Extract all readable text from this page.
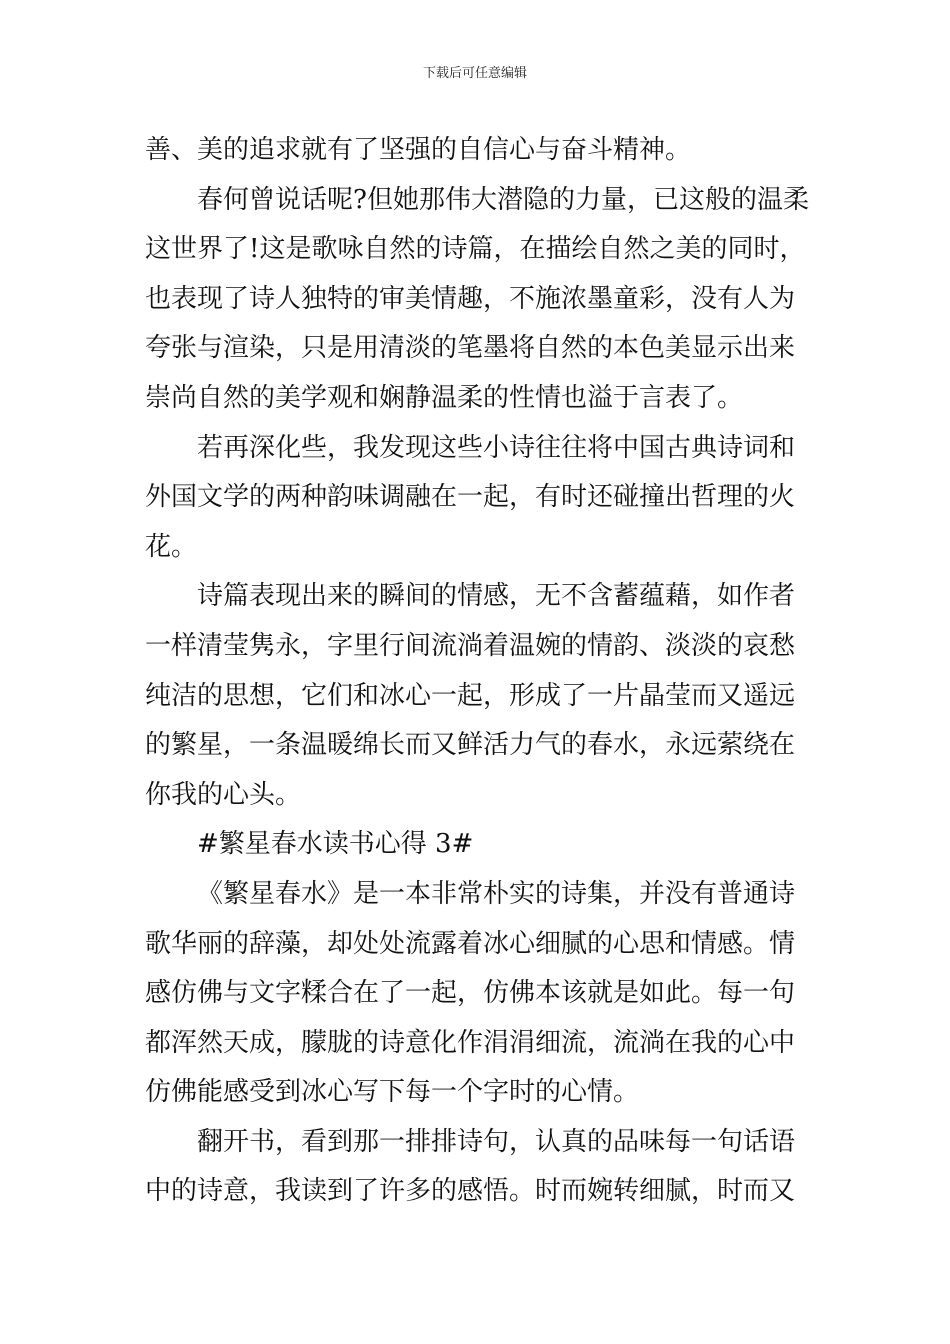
下载后可任意编辑
善、美的追求就有了坚强的自信心与奋斗精神。
春何曾说话呢?但她那伟大潜隐的力量，已这般的温柔
这世界了!这是歌咏自然的诗篇，在描绘自然之美的同时，
也表现了诗人独特的审美情趣，不施浓墨童彩，没有人为
夸张与渲染，只是用清淡的笔墨将自然的本色美显示出来
崇尚自然的美学观和娴静温柔的性情也溢于言表了。
若再深化些，我发现这些小诗往往将中国古典诗词和
外国文学的两种韵味调融在一起，有时还碰撞出哲理的火
花。
诗篇表现出来的瞬间的情感，无不含蓄蕴藉，如作者
一样清莹隽永，字里行间流淌着温婉的情韵、淡淡的哀愁
纯洁的思想，它们和冰心一起，形成了一片晶莹而又遥远
的繁星，一条温暖绵长而又鲜活力气的春水，永远萦绕在
你我的心头。
#繁星春水读书心得 3#
《繁星春水》是一本非常朴实的诗集，并没有普通诗
歌华丽的辞藻，却处处流露着冰心细腻的心思和情感。情
感仿佛与文字糅合在了一起，仿佛本该就是如此。每一句
都浑然天成，朦胧的诗意化作涓涓细流，流淌在我的心中
仿佛能感受到冰心写下每一个字时的心情。
翻开书，看到那一排排诗句，认真的品味每一句话语
中的诗意，我读到了许多的感悟。时而婉转细腻，时而又
